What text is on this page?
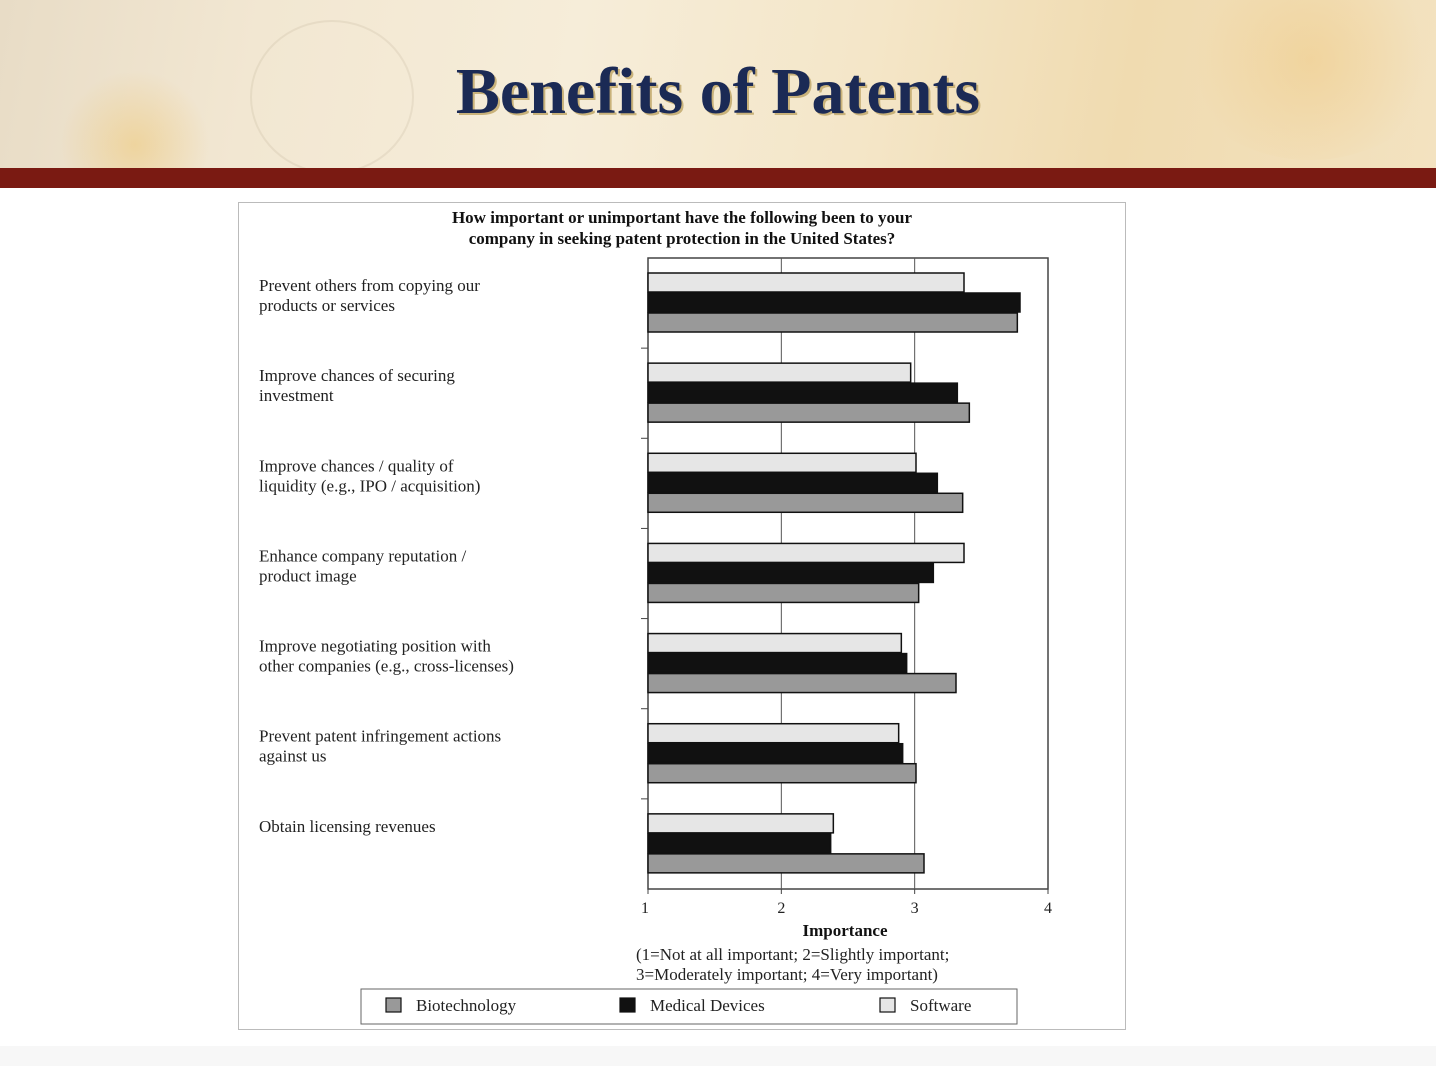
Benefits of Patents
How important or unimportant have the following been to your
company in seeking patent protection in the United States?
1	2	3	4
Prevent others from copying our
products or services
Improve chances of securing
investment
Improve chances / quality of
liquidity (e.g., IPO / acquisition)
Enhance company reputation /
product image
Improve negotiating position with
other companies (e.g., cross-licenses)
Prevent patent infringement actions
against us
Obtain licensing revenues
Importance
(1=Not at all important; 2=Slightly important;
3=Moderately important; 4=Very important)
Biotechnology	Medical Devices	Software
